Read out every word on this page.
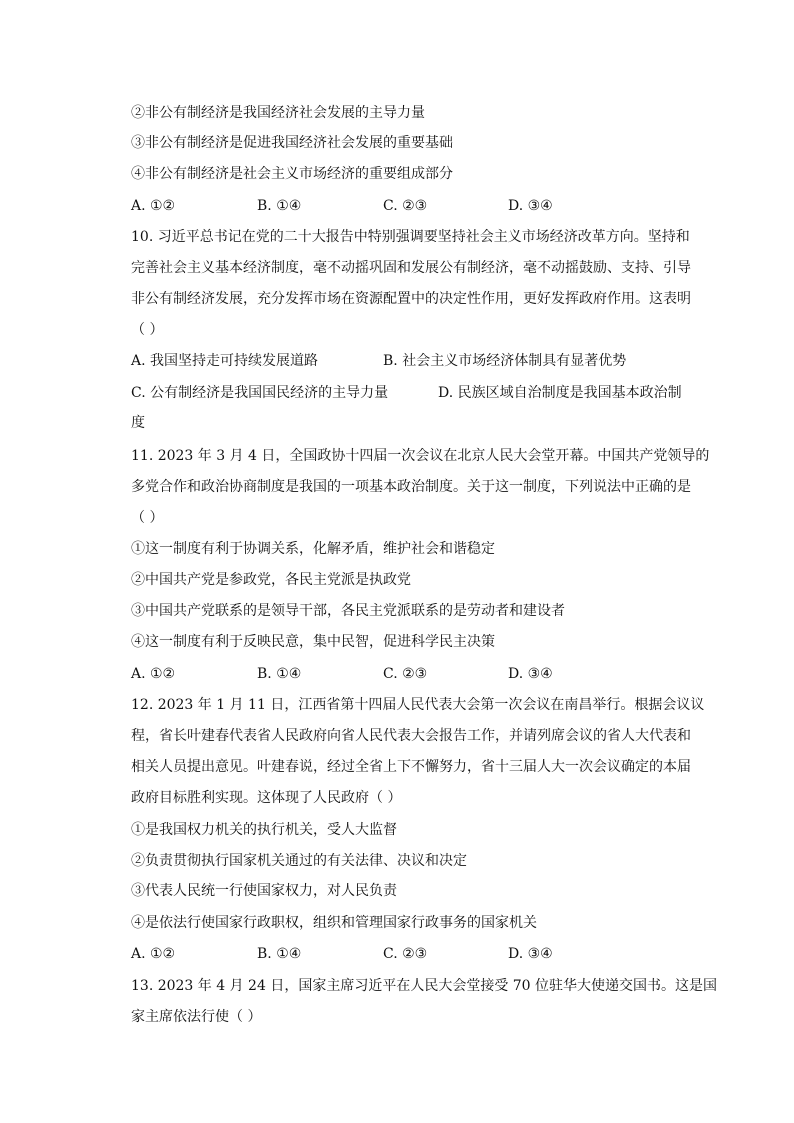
②非公有制经济是我国经济社会发展的主导力量
③非公有制经济是促进我国经济社会发展的重要基础
④非公有制经济是社会主义市场经济的重要组成部分
A. ①②	B. ①④	C. ②③	D. ③④
10. 习近平总书记在党的二十大报告中特别强调要坚持社会主义市场经济改革方向。坚持和
完善社会主义基本经济制度，毫不动摇巩固和发展公有制经济，毫不动摇鼓励、支持、引导
非公有制经济发展，充分发挥市场在资源配置中的决定性作用，更好发挥政府作用。这表明
（ ）
A. 我国坚持走可持续发展道路	B. 社会主义市场经济体制具有显著优势
C. 公有制经济是我国国民经济的主导力量	D. 民族区域自治制度是我国基本政治制
度
11. 2023 年 3 月 4 日，全国政协十四届一次会议在北京人民大会堂开幕。中国共产党领导的
多党合作和政治协商制度是我国的一项基本政治制度。关于这一制度，下列说法中正确的是
（ ）
①这一制度有利于协调关系，化解矛盾，维护社会和谐稳定
②中国共产党是参政党，各民主党派是执政党
③中国共产党联系的是领导干部，各民主党派联系的是劳动者和建设者
④这一制度有利于反映民意，集中民智，促进科学民主决策
A. ①②	B. ①④	C. ②③	D. ③④
12. 2023 年 1 月 11 日，江西省第十四届人民代表大会第一次会议在南昌举行。根据会议议
程，省长叶建春代表省人民政府向省人民代表大会报告工作，并请列席会议的省人大代表和
相关人员提出意见。叶建春说，经过全省上下不懈努力，省十三届人大一次会议确定的本届
政府目标胜利实现。这体现了人民政府（ ）
①是我国权力机关的执行机关，受人大监督
②负责贯彻执行国家机关通过的有关法律、决议和决定
③代表人民统一行使国家权力，对人民负责
④是依法行使国家行政职权，组织和管理国家行政事务的国家机关
A. ①②	B. ①④	C. ②③	D. ③④
13. 2023 年 4 月 24 日，国家主席习近平在人民大会堂接受 70 位驻华大使递交国书。这是国
家主席依法行使（ ）
